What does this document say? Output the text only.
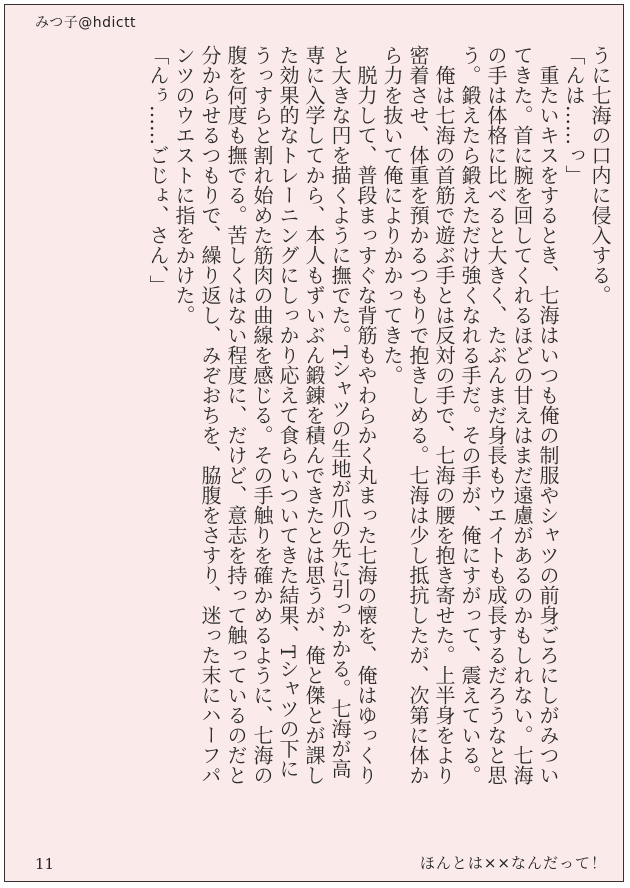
みつ子@hdictt

うに七海の口内に侵入する。

「んは……っ」

　重たいキスをするとき、七海はいつも俺の制服やシャツの前身ごろにしがみつい

てきた。首に腕を回してくれるほどの甘えはまだ遠慮があるのかもしれない。七海

の手は体格に比べると大きく、たぶんまだ身長もウエイトも成長するだろうなと思

う。鍛えたら鍛えただけ強くなれる手だ。その手が、俺にすがって、震えている。

　俺は七海の首筋で遊ぶ手とは反対の手で、七海の腰を抱き寄せた。上半身をより

密着させ、体重を預かるつもりで抱きしめる。七海は少し抵抗したが、次第に体か

ら力を抜いて俺によりかかってきた。

　脱力して、普段まっすぐな背筋もやわらかく丸まった七海の懐を、俺はゆっくり

と大きな円を描くように撫でた。Tシャツの生地が爪の先に引っかかる。七海が高

専に入学してから、本人もずいぶん鍛錬を積んできたとは思うが、俺と傑とが課し

た効果的なトレーニングにしっかり応えて食らいついてきた結果、Tシャツの下に

うっすらと割れ始めた筋肉の曲線を感じる。その手触りを確かめるように、七海の

腹を何度も撫でる。苦しくはない程度に、だけど、意志を持って触っているのだと

分からせるつもりで、繰り返し、みぞおちを、脇腹をさすり、迷った末にハーフパ

ンツのウエストに指をかけた。

「んぅ……ごじょ、さん、」

11	ほんとは××なんだって！
